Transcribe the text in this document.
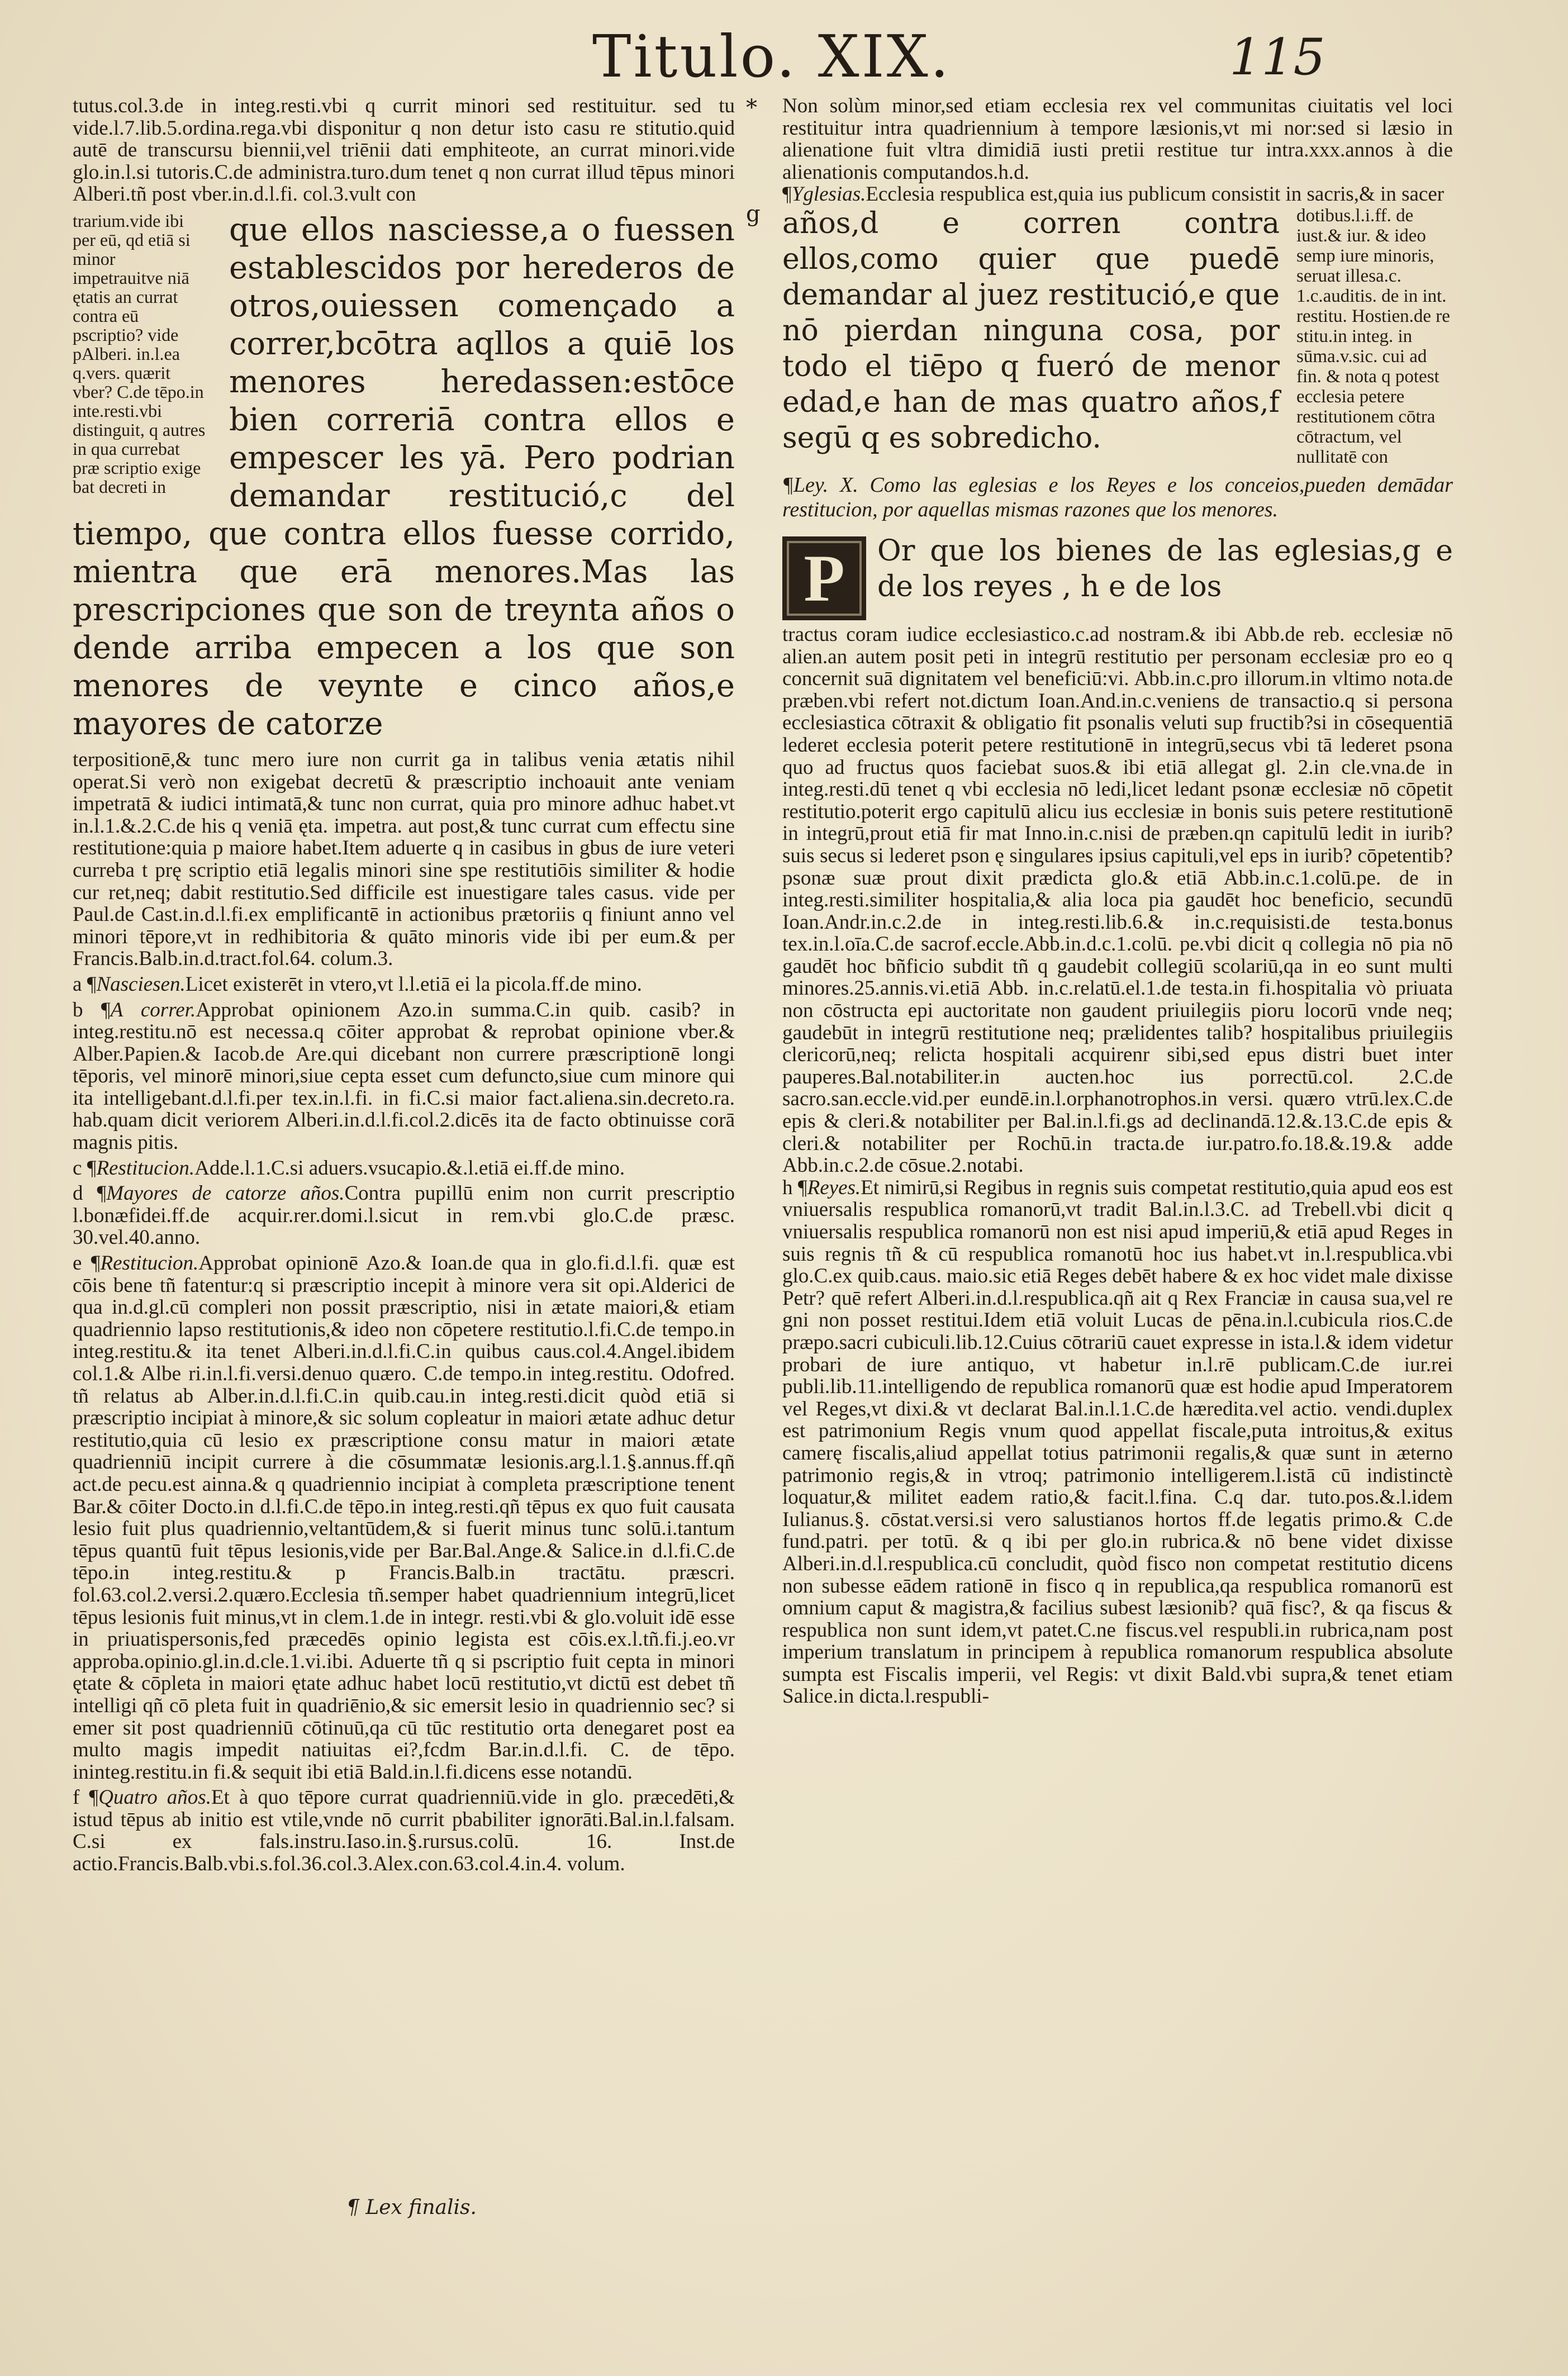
Titulo. XIX.	115

tutus.col.3.de in integ.resti.vbi q currit minori sed restituitur. sed tu vide.l.7.lib.5.ordina.rega.vbi disponitur q non detur isto casu re stitutio.quid autē de transcursu biennii,vel triēnii dati emphiteote, an currat minori.vide glo.in.l.si tutoris.C.de administra.turo.dum tenet q non currat illud tēpus minori Alberi.tñ post vber.in.d.l.fi. col.3.vult con

trarium.vide ibi per eū, qd etiā si minor impetrauitve niā ętatis an currat contra eū pscriptio? vide pAlberi. in.l.ea q.vers. quærit vber? C.de tēpo.in inte.resti.vbi distinguit, q autres in qua currebat præ scriptio exige bat decreti in

que ellos nasciesse,a o fuessen establescidos por herederos de otros,ouiessen començado a correr,bcōtra aqllos a quiē los menores heredassen:estōce bien correriā contra ellos e empescer les yā. Pero podrian demandar restitució,c del tiempo, que contra ellos fuesse corrido, mientra que erā menores.Mas las prescripciones que son de treynta años o dende arriba empecen a los que son menores de veynte e cinco años,e mayores de catorze

terpositionē,& tunc mero iure non currit ga in talibus venia ætatis nihil operat.Si verò non exigebat decretū & præscriptio inchoauit ante veniam impetratā & iudici intimatā,& tunc non currat, quia pro minore adhuc habet.vt in.l.1.&.2.C.de his q veniā ęta. impetra. aut post,& tunc currat cum effectu sine restitutione:quia p maiore habet.Item aduerte q in casibus in gbus de iure veteri curreba t prę scriptio etiā legalis minori sine spe restitutiōis similiter & hodie cur ret,neq; dabit restitutio.Sed difficile est inuestigare tales casus. vide per Paul.de Cast.in.d.l.fi.ex emplificantē in actionibus prætoriis q finiunt anno vel minori tēpore,vt in redhibitoria & quāto minoris vide ibi per eum.& per Francis.Balb.in.d.tract.fol.64. colum.3.

a ¶Nasciesen.Licet existerēt in vtero,vt l.l.etiā ei la picola.ff.de mino.

b ¶A correr.Approbat opinionem Azo.in summa.C.in quib. casib? in integ.restitu.nō est necessa.q cōiter approbat & reprobat opinione vber.& Alber.Papien.& Iacob.de Are.qui dicebant non currere præscriptionē longi tēporis, vel minorē minori,siue cepta esset cum defuncto,siue cum minore qui ita intelligebant.d.l.fi.per tex.in.l.fi. in fi.C.si maior fact.aliena.sin.decreto.ra. hab.quam dicit veriorem Alberi.in.d.l.fi.col.2.dicēs ita de facto obtinuisse corā magnis pitis.

c ¶Restitucion.Adde.l.1.C.si aduers.vsucapio.&.l.etiā ei.ff.de mino.

d ¶Mayores de catorze años.Contra pupillū enim non currit prescriptio l.bonæfidei.ff.de acquir.rer.domi.l.sicut in rem.vbi glo.C.de præsc. 30.vel.40.anno.

e ¶Restitucion.Approbat opinionē Azo.& Ioan.de qua in glo.fi.d.l.fi. quæ est cōis bene tñ fatentur:q si præscriptio incepit à minore vera sit opi.Alderici de qua in.d.gl.cū compleri non possit præscriptio, nisi in ætate maiori,& etiam quadriennio lapso restitutionis,& ideo non cōpetere restitutio.l.fi.C.de tempo.in integ.restitu.& ita tenet Alberi.in.d.l.fi.C.in quibus caus.col.4.Angel.ibidem col.1.& Albe ri.in.l.fi.versi.denuo quæro. C.de tempo.in integ.restitu. Odofred. tñ relatus ab Alber.in.d.l.fi.C.in quib.cau.in integ.resti.dicit quòd etiā si præscriptio incipiat à minore,& sic solum copleatur in maiori ætate adhuc detur restitutio,quia cū lesio ex præscriptione consu matur in maiori ætate quadrienniū incipit currere à die cōsummatæ lesionis.arg.l.1.§.annus.ff.qñ act.de pecu.est ainna.& q quadriennio incipiat à completa præscriptione tenent Bar.& cōiter Docto.in d.l.fi.C.de tēpo.in integ.resti.qñ tēpus ex quo fuit causata lesio fuit plus quadriennio,veltantūdem,& si fuerit minus tunc solū.i.tantum tēpus quantū fuit tēpus lesionis,vide per Bar.Bal.Ange.& Salice.in d.l.fi.C.de tēpo.in integ.restitu.& p Francis.Balb.in tractātu. præscri. fol.63.col.2.versi.2.quæro.Ecclesia tñ.semper habet quadriennium integrū,licet tēpus lesionis fuit minus,vt in clem.1.de in integr. resti.vbi & glo.voluit idē esse in priuatispersonis,fed præcedēs opinio legista est cōis.ex.l.tñ.fi.j.eo.vr approba.opinio.gl.in.d.cle.1.vi.ibi. Aduerte tñ q si pscriptio fuit cepta in minori ętate & cōpleta in maiori ętate adhuc habet locū restitutio,vt dictū est debet tñ intelligi qñ cō pleta fuit in quadriēnio,& sic emersit lesio in quadriennio sec? si emer sit post quadrienniū cōtinuū,qa cū tūc restitutio orta denegaret post ea multo magis impedit natiuitas ei?,fcdm Bar.in.d.l.fi. C. de tēpo. ininteg.restitu.in fi.& sequit ibi etiā Bald.in.l.fi.dicens esse notandū.

f ¶Quatro años.Et à quo tēpore currat quadrienniū.vide in glo. præcedēti,& istud tēpus ab initio est vtile,vnde nō currit pbabiliter ignorāti.Bal.in.l.falsam. C.si ex fals.instru.Iaso.in.§.rursus.colū. 16. Inst.de actio.Francis.Balb.vbi.s.fol.36.col.3.Alex.con.63.col.4.in.4. volum.

¶ Lex finalis.
*
g

Non solùm minor,sed etiam ecclesia rex vel communitas ciuitatis vel loci restituitur intra quadriennium à tempore læsionis,vt mi nor:sed si læsio in alienatione fuit vltra dimidiā iusti pretii restitue tur intra.xxx.annos à die alienationis computandos.h.d.

¶Yglesias.Ecclesia respublica est,quia ius publicum consistit in sacris,& in sacer

dotibus.l.i.ff. de iust.& iur. & ideo semp iure minoris, seruat illesa.c. 1.c.auditis. de in int. restitu. Hostien.de re stitu.in integ. in sūma.v.sic. cui ad fin. & nota q potest ecclesia petere restitutionem cōtra cōtractum, vel nullitatē con

años,d e corren contra ellos,como quier que puedē demandar al juez restitució,e que nō pierdan ninguna cosa, por todo el tiēpo q fueró de menor edad,e han de mas quatro años,f segū q es sobredicho.

¶Ley. X. Como las eglesias e los Reyes e los conceios,pueden demādar restitucion, por aquellas mismas razones que los menores.

P	Or que los bienes de las eglesias,g e de los reyes , h e de los

tractus coram iudice ecclesiastico.c.ad nostram.& ibi Abb.de reb. ecclesiæ nō alien.an autem posit peti in integrū restitutio per personam ecclesiæ pro eo q concernit suā dignitatem vel beneficiū:vi. Abb.in.c.pro illorum.in vltimo nota.de præben.vbi refert not.dictum Ioan.And.in.c.veniens de transactio.q si persona ecclesiastica cōtraxit & obligatio fit psonalis veluti sup fructib?si in cōsequentiā lederet ecclesia poterit petere restitutionē in integrū,secus vbi tā lederet psona quo ad fructus quos faciebat suos.& ibi etiā allegat gl. 2.in cle.vna.de in integ.resti.dū tenet q vbi ecclesia nō ledi,licet ledant psonæ ecclesiæ nō cōpetit restitutio.poterit ergo capitulū alicu ius ecclesiæ in bonis suis petere restitutionē in integrū,prout etiā fir mat Inno.in.c.nisi de præben.qn capitulū ledit in iurib? suis secus si lederet pson ę singulares ipsius capituli,vel eps in iurib? cōpetentib? psonæ suæ prout dixit prædicta glo.& etiā Abb.in.c.1.colū.pe. de in integ.resti.similiter hospitalia,& alia loca pia gaudēt hoc beneficio, secundū Ioan.Andr.in.c.2.de in integ.resti.lib.6.& in.c.requisisti.de testa.bonus tex.in.l.oīa.C.de sacrof.eccle.Abb.in.d.c.1.colū. pe.vbi dicit q collegia nō pia nō gaudēt hoc bñficio subdit tñ q gaudebit collegiū scolariū,qa in eo sunt multi minores.25.annis.vi.etiā Abb. in.c.relatū.el.1.de testa.in fi.hospitalia vò priuata non cōstructa epi auctoritate non gaudent priuilegiis pioru locorū vnde neq; gaudebūt in integrū restitutione neq; prælidentes talib? hospitalibus priuilegiis clericorū,neq; relicta hospitali acquirenr sibi,sed epus distri buet inter pauperes.Bal.notabiliter.in aucten.hoc ius porrectū.col. 2.C.de sacro.san.eccle.vid.per eundē.in.l.orphanotrophos.in versi. quæro vtrū.lex.C.de epis & cleri.& notabiliter per Bal.in.l.fi.gs ad declinandā.12.&.13.C.de epis & cleri.& notabiliter per Rochū.in tracta.de iur.patro.fo.18.&.19.& adde Abb.in.c.2.de cōsue.2.notabi.

h ¶Reyes.Et nimirū,si Regibus in regnis suis competat restitutio,quia apud eos est vniuersalis respublica romanorū,vt tradit Bal.in.l.3.C. ad Trebell.vbi dicit q vniuersalis respublica romanorū non est nisi apud imperiū,& etiā apud Reges in suis regnis tñ & cū respublica romanotū hoc ius habet.vt in.l.respublica.vbi glo.C.ex quib.caus. maio.sic etiā Reges debēt habere & ex hoc videt male dixisse Petr? quē refert Alberi.in.d.l.respublica.qñ ait q Rex Franciæ in causa sua,vel re gni non posset restitui.Idem etiā voluit Lucas de pēna.in.l.cubicula rios.C.de præpo.sacri cubiculi.lib.12.Cuius cōtrariū cauet expresse in ista.l.& idem videtur probari de iure antiquo, vt habetur in.l.rē publicam.C.de iur.rei publi.lib.11.intelligendo de republica romanorū quæ est hodie apud Imperatorem vel Reges,vt dixi.& vt declarat Bal.in.l.1.C.de hæredita.vel actio. vendi.duplex est patrimonium Regis vnum quod appellat fiscale,puta introitus,& exitus camerę fiscalis,aliud appellat totius patrimonii regalis,& quæ sunt in æterno patrimonio regis,& in vtroq; patrimonio intelligerem.l.istā cū indistinctè loquatur,& militet eadem ratio,& facit.l.fina. C.q dar. tuto.pos.&.l.idem Iulianus.§. cōstat.versi.si vero salustianos hortos ff.de legatis primo.& C.de fund.patri. per totū. & q ibi per glo.in rubrica.& nō bene videt dixisse Alberi.in.d.l.respublica.cū concludit, quòd fisco non competat restitutio dicens non subesse eādem rationē in fisco q in republica,qa respublica romanorū est omnium caput & magistra,& facilius subest læsionib? quā fisc?, & qa fiscus & respublica non sunt idem,vt patet.C.ne fiscus.vel respubli.in rubrica,nam post imperium translatum in principem à republica romanorum respublica absolute sumpta est Fiscalis imperii, vel Regis: vt dixit Bald.vbi supra,& tenet etiam Salice.in dicta.l.respubli-
